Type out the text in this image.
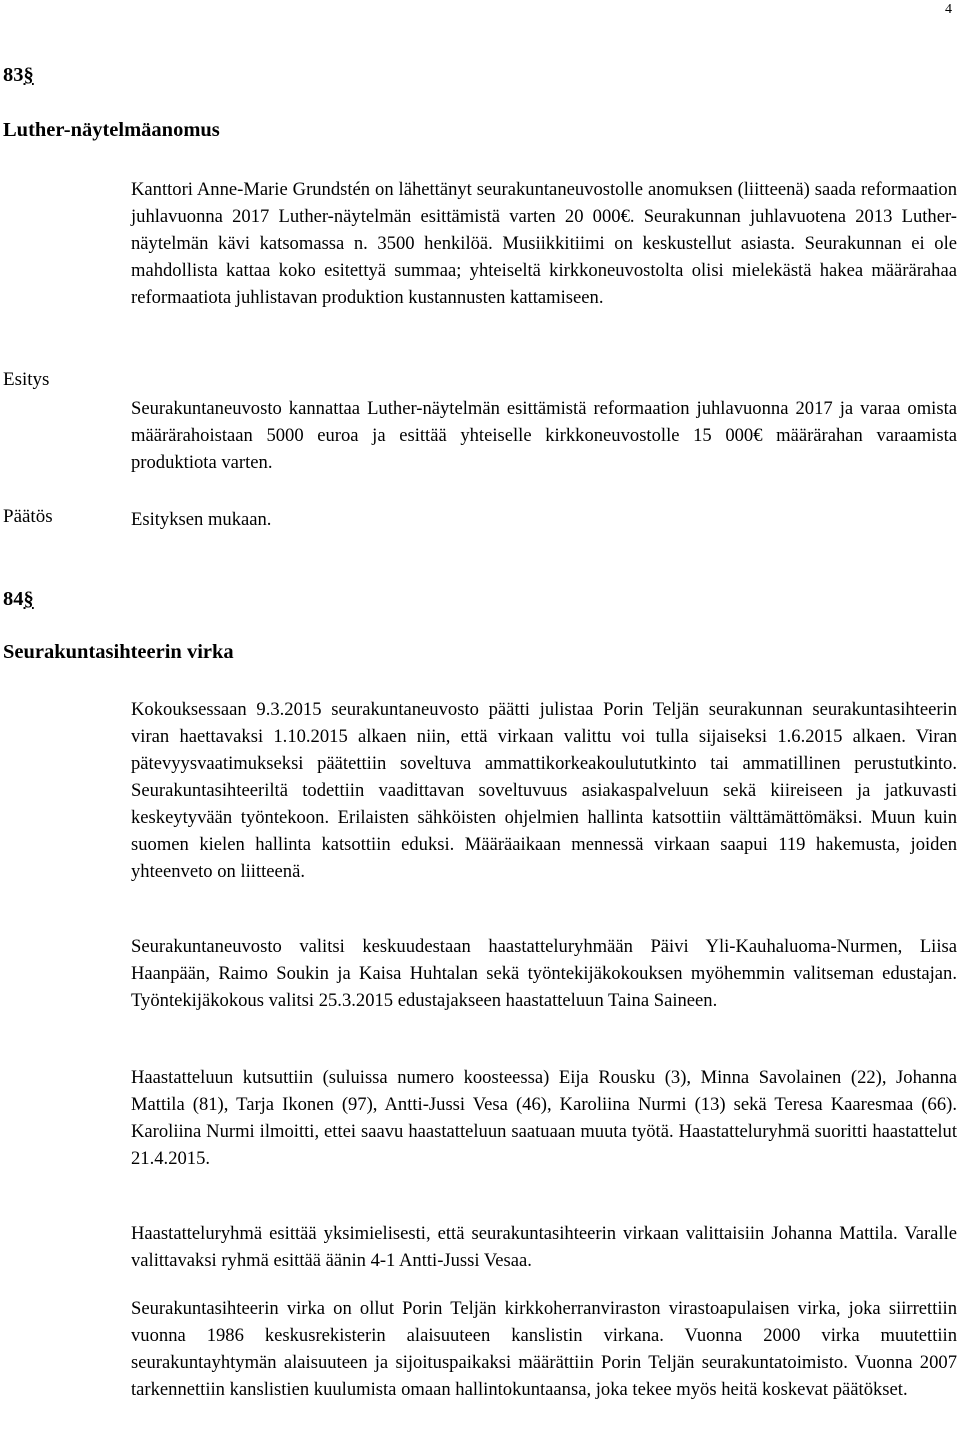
4
83§
Luther-näytelmäanomus

Kanttori Anne-Marie Grundstén on lähettänyt seurakuntaneuvostolle anomuksen (liitteenä) saada reformaation juhlavuonna 2017 Luther-näytelmän esittämistä varten 20 000€. Seurakunnan juhlavuotena 2013 Luther-näytelmän kävi katsomassa n. 3500 henkilöä. Musiikkitiimi on keskustellut asiasta. Seurakunnan ei ole mahdollista kattaa koko esitettyä summaa; yhteiseltä kirkkoneuvostolta olisi mielekästä hakea määrärahaa reformaatiota juhlistavan produktion kustannusten kattamiseen.

Esitys

Seurakuntaneuvosto kannattaa Luther-näytelmän esittämistä reformaation juhlavuonna 2017 ja varaa omista määrärahoistaan 5000 euroa ja esittää yhteiselle kirkkoneuvostolle 15 000€ määrärahan varaamista produktiota varten.

Päätös	Esityksen mukaan.

84§
Seurakuntasihteerin virka

Kokouksessaan 9.3.2015 seurakuntaneuvosto päätti julistaa Porin Teljän seurakunnan seurakuntasihteerin viran haettavaksi 1.10.2015 alkaen niin, että virkaan valittu voi tulla sijaiseksi 1.6.2015 alkaen. Viran pätevyysvaatimukseksi päätettiin soveltuva ammattikorkeakoulututkinto tai ammatillinen perustutkinto. Seurakuntasihteeriltä todettiin vaadittavan soveltuvuus asiakaspalveluun sekä kiireiseen ja jatkuvasti keskeytyvään työntekoon. Erilaisten sähköisten ohjelmien hallinta katsottiin välttämättömäksi. Muun kuin suomen kielen hallinta katsottiin eduksi. Määräaikaan mennessä virkaan saapui 119 hakemusta, joiden yhteenveto on liitteenä.

Seurakuntaneuvosto valitsi keskuudestaan haastatteluryhmään Päivi Yli-Kauhaluoma-Nurmen, Liisa Haanpään, Raimo Soukin ja Kaisa Huhtalan sekä työntekijäkokouksen myöhemmin valitseman edustajan. Työntekijäkokous valitsi 25.3.2015 edustajakseen haastatteluun Taina Saineen.

Haastatteluun kutsuttiin (suluissa numero koosteessa) Eija Rousku (3), Minna Savolainen (22), Johanna Mattila (81), Tarja Ikonen (97), Antti-Jussi Vesa (46), Karoliina Nurmi (13) sekä Teresa Kaaresmaa (66). Karoliina Nurmi ilmoitti, ettei saavu haastatteluun saatuaan muuta työtä. Haastatteluryhmä suoritti haastattelut 21.4.2015.

Haastatteluryhmä esittää yksimielisesti, että seurakuntasihteerin virkaan valittaisiin Johanna Mattila. Varalle valittavaksi ryhmä esittää äänin 4-1 Antti-Jussi Vesaa.

Seurakuntasihteerin virka on ollut Porin Teljän kirkkoherranviraston virastoapulaisen virka, joka siirrettiin vuonna 1986 keskusrekisterin alaisuuteen kanslistin virkana. Vuonna 2000 virka muutettiin seurakuntayhtymän alaisuuteen ja sijoituspaikaksi määrättiin Porin Teljän seurakuntatoimisto. Vuonna 2007 tarkennettiin kanslistien kuulumista omaan hallintokuntaansa, joka tekee myös heitä koskevat päätökset.
